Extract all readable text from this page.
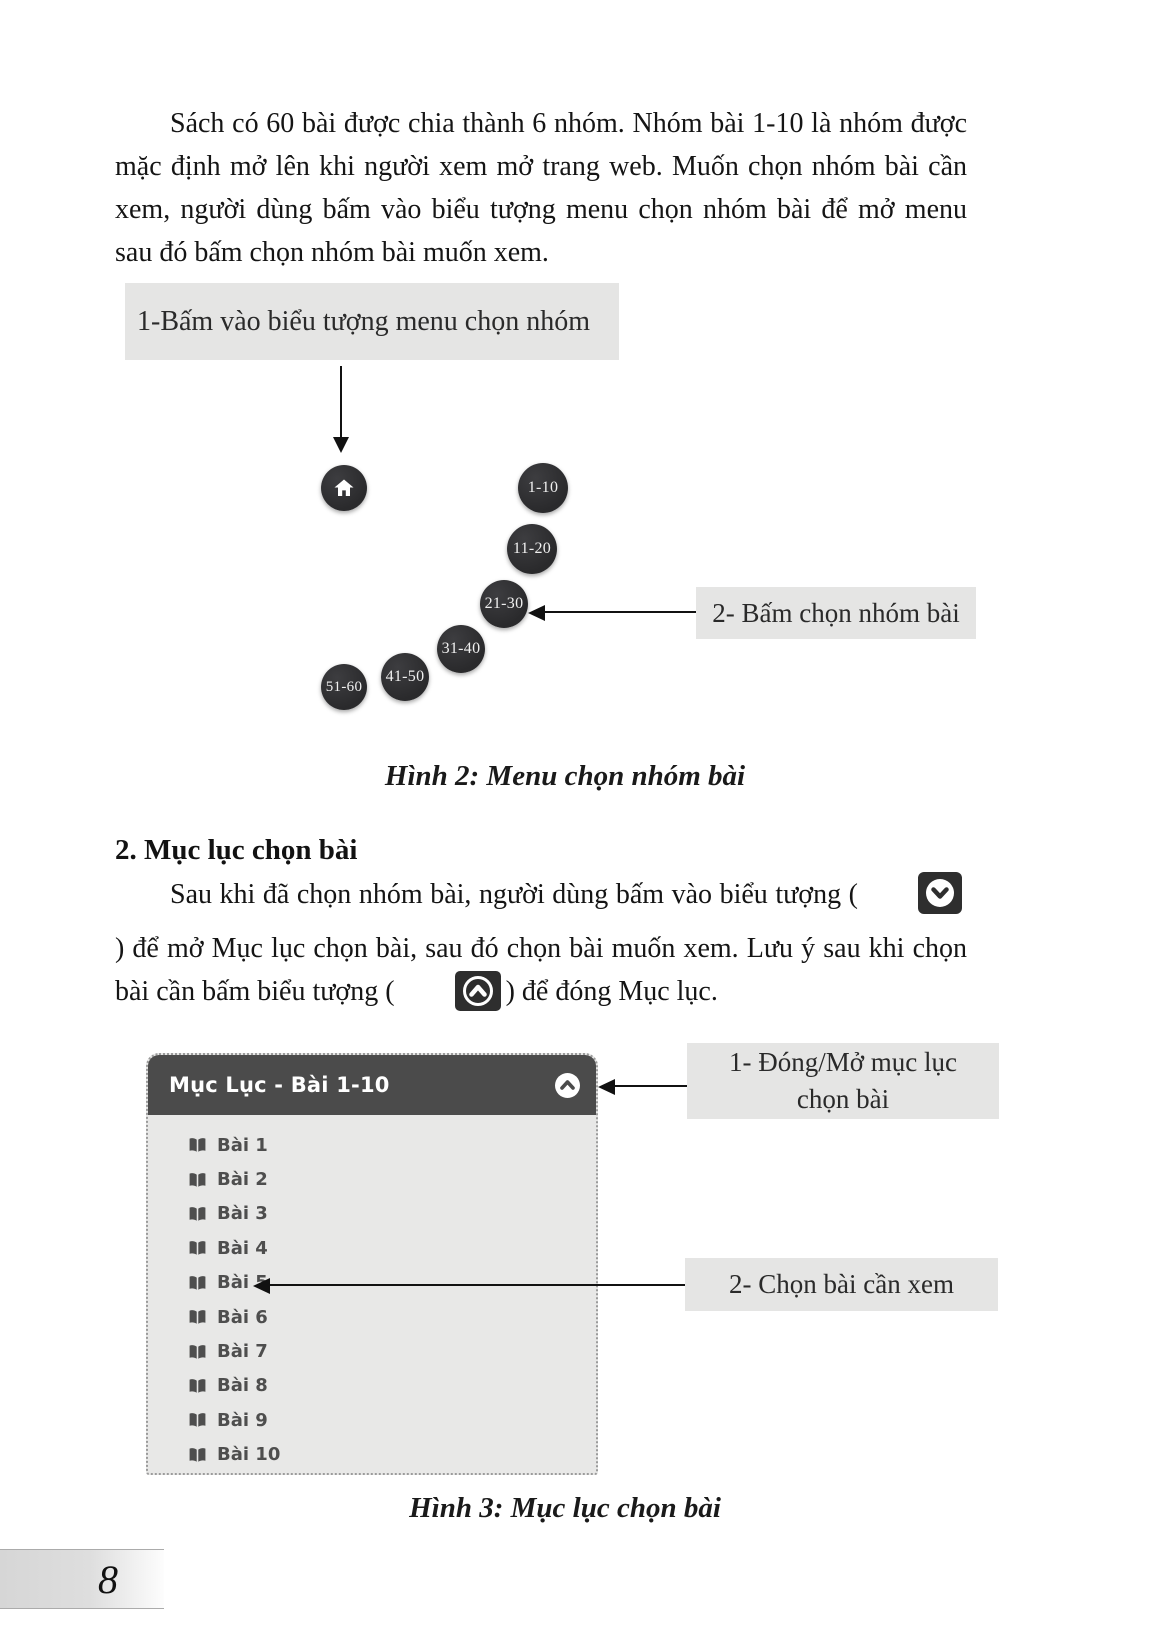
Sách có 60 bài được chia thành 6 nhóm. Nhóm bài 1-10 là nhóm được mặc định mở lên khi người xem mở trang web. Muốn chọn nhóm bài cần xem, người dùng bấm vào biểu tượng menu chọn nhóm bài để mở menu sau đó bấm chọn nhóm bài muốn xem.
1-Bấm vào biểu tượng menu chọn nhóm
1-10
11-20
21-30
31-40
41-50
51-60
2- Bấm chọn nhóm bài
Hình 2: Menu chọn nhóm bài
2. Mục lục chọn bài
Sau khi đã chọn nhóm bài, người dùng bấm vào biểu tượng () để mở Mục lục chọn bài, sau đó chọn bài muốn xem. Lưu ý sau khi chọn bài cần bấm biểu tượng (	) để đóng Mục lục.
Mục Lục - Bài 1-10
Bài 1
Bài 2
Bài 3
Bài 4
Bài 5
Bài 6
Bài 7
Bài 8
Bài 9
Bài 10
1- Đóng/Mở mục lục
chọn bài
2- Chọn bài cần xem
Hình 3: Mục lục chọn bài
8
